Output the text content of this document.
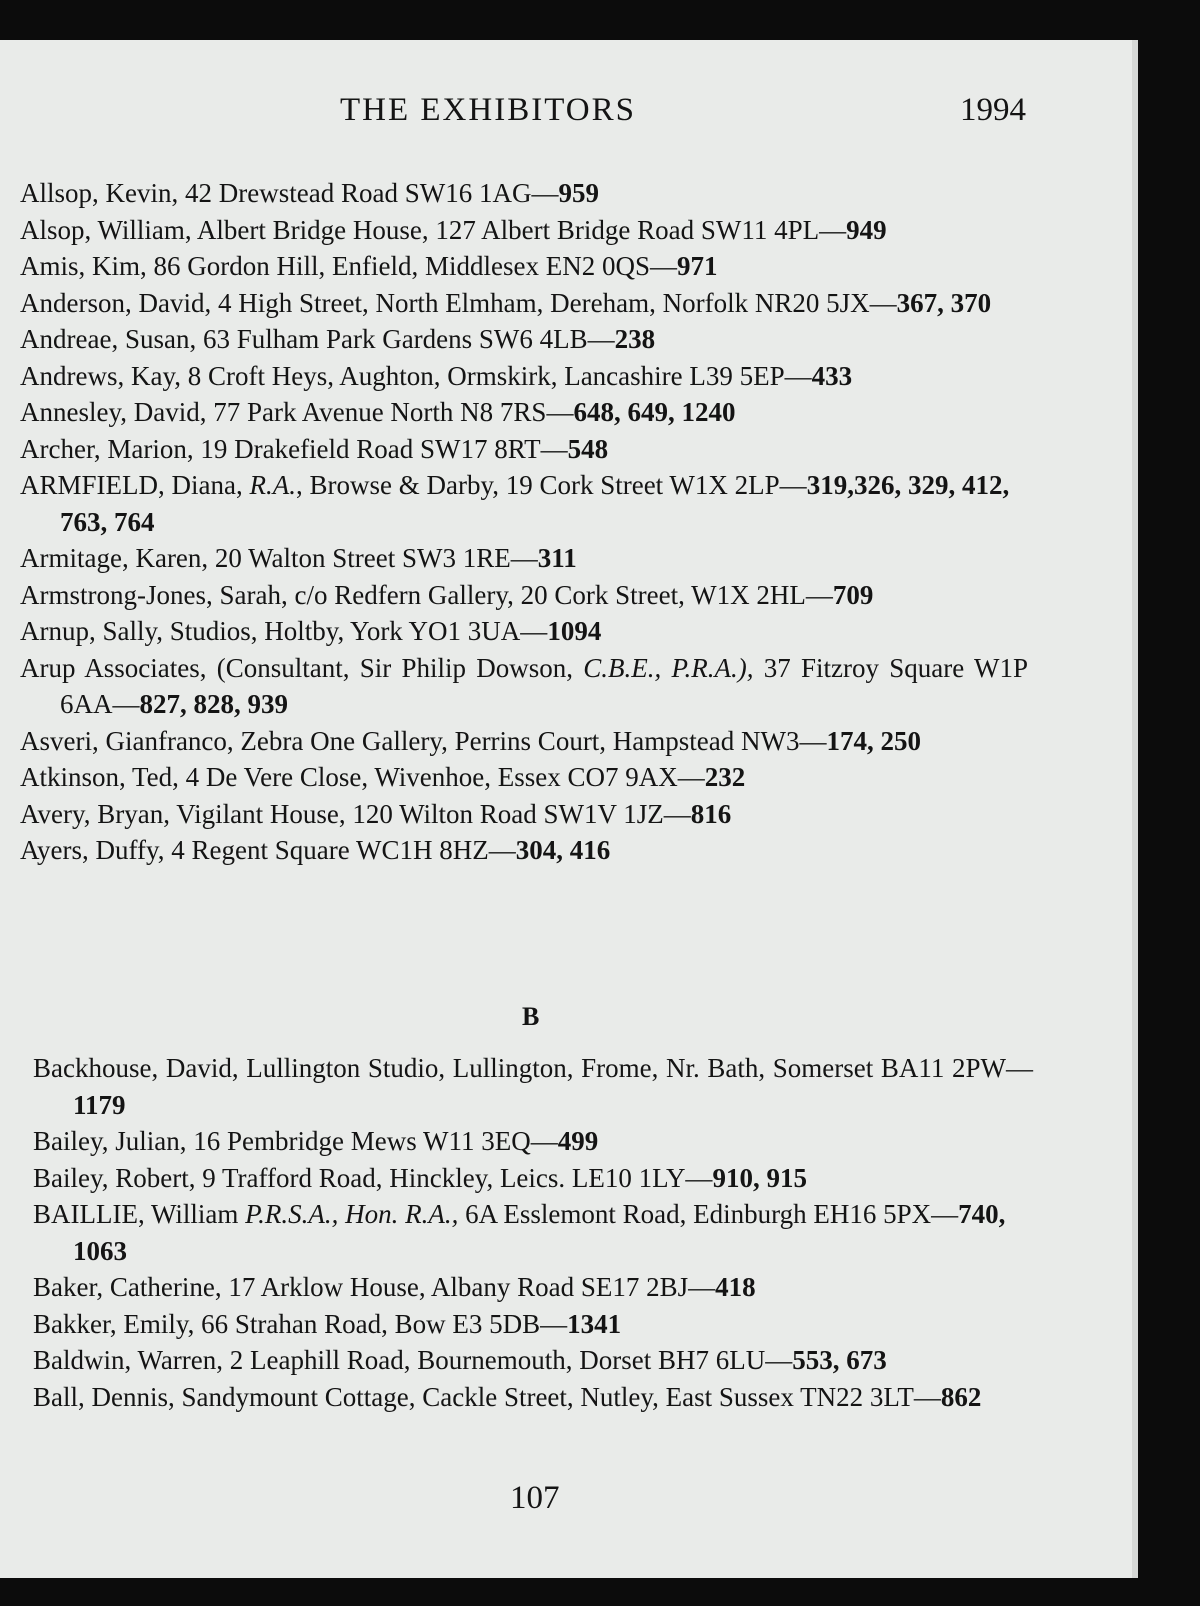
THE EXHIBITORS	1994

Allsop, Kevin, 42 Drewstead Road SW16 1AG—959

Alsop, William, Albert Bridge House, 127 Albert Bridge Road SW11 4PL—949

Amis, Kim, 86 Gordon Hill, Enfield, Middlesex EN2 0QS—971

Anderson, David, 4 High Street, North Elmham, Dereham, Norfolk NR20 5JX—367, 370

Andreae, Susan, 63 Fulham Park Gardens SW6 4LB—238

Andrews, Kay, 8 Croft Heys, Aughton, Ormskirk, Lancashire L39 5EP—433

Annesley, David, 77 Park Avenue North N8 7RS—648, 649, 1240

Archer, Marion, 19 Drakefield Road SW17 8RT—548

ARMFIELD, Diana, R.A., Browse & Darby, 19 Cork Street W1X 2LP—319,326, 329, 412, 763, 764

Armitage, Karen, 20 Walton Street SW3 1RE—311

Armstrong-Jones, Sarah, c/o Redfern Gallery, 20 Cork Street, W1X 2HL—709

Arnup, Sally, Studios, Holtby, York YO1 3UA—1094

Arup Associates, (Consultant, Sir Philip Dowson, C.B.E., P.R.A.), 37 Fitzroy Square W1P 6AA—827, 828, 939

Asveri, Gianfranco, Zebra One Gallery, Perrins Court, Hampstead NW3—174, 250

Atkinson, Ted, 4 De Vere Close, Wivenhoe, Essex CO7 9AX—232

Avery, Bryan, Vigilant House, 120 Wilton Road SW1V 1JZ—816

Ayers, Duffy, 4 Regent Square WC1H 8HZ—304, 416

B

Backhouse, David, Lullington Studio, Lullington, Frome, Nr. Bath, Somerset BA11 2PW—1179

Bailey, Julian, 16 Pembridge Mews W11 3EQ—499

Bailey, Robert, 9 Trafford Road, Hinckley, Leics. LE10 1LY—910, 915

BAILLIE, William P.R.S.A., Hon. R.A., 6A Esslemont Road, Edinburgh EH16 5PX—740, 1063

Baker, Catherine, 17 Arklow House, Albany Road SE17 2BJ—418

Bakker, Emily, 66 Strahan Road, Bow E3 5DB—1341

Baldwin, Warren, 2 Leaphill Road, Bournemouth, Dorset BH7 6LU—553, 673

Ball, Dennis, Sandymount Cottage, Cackle Street, Nutley, East Sussex TN22 3LT—862

107
